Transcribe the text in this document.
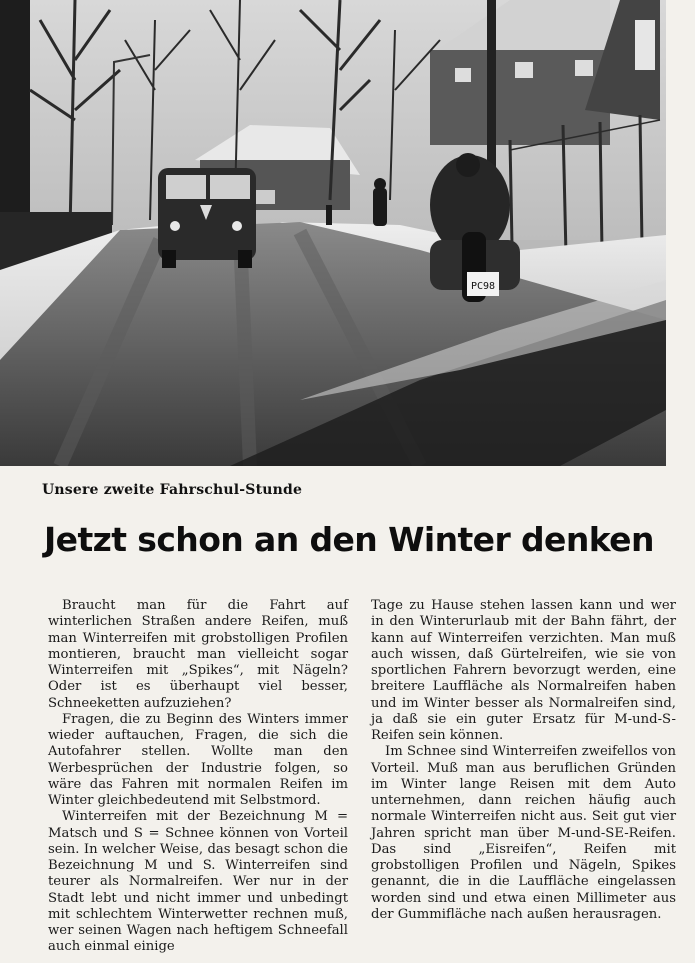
PC98
Unsere zweite Fahrschul-Stunde
Jetzt schon an den Winter denken

Braucht man für die Fahrt auf winterlichen Straßen andere Reifen, muß man Winterreifen mit grobstolligen Profilen montieren, braucht man vielleicht sogar Winterreifen mit „Spikes“, mit Nägeln? Oder ist es überhaupt viel besser, Schneeketten aufzuziehen?

Fragen, die zu Beginn des Winters immer wieder auftauchen, Fragen, die sich die Autofahrer stellen. Wollte man den Werbesprüchen der Industrie folgen, so wäre das Fahren mit normalen Reifen im Winter gleichbedeutend mit Selbstmord.

Winterreifen mit der Bezeichnung M = Matsch und S = Schnee können von Vorteil sein. In welcher Weise, das besagt schon die Bezeichnung M und S. Winterreifen sind teurer als Normalreifen. Wer nur in der Stadt lebt und nicht immer und unbedingt mit schlechtem Winterwetter rechnen muß, wer seinen Wagen nach heftigem Schneefall auch einmal einige

Tage zu Hause stehen lassen kann und wer in den Winterurlaub mit der Bahn fährt, der kann auf Winterreifen verzichten. Man muß auch wissen, daß Gürtelreifen, wie sie von sportlichen Fahrern bevorzugt werden, eine breitere Lauffläche als Normalreifen haben und im Winter besser als Normalreifen sind, ja daß sie ein guter Ersatz für M-und-S-Reifen sein können.

Im Schnee sind Winterreifen zweifellos von Vorteil. Muß man aus beruflichen Gründen im Winter lange Reisen mit dem Auto unternehmen, dann reichen häufig auch normale Winterreifen nicht aus. Seit gut vier Jahren spricht man über M-und-SE-Reifen. Das sind „Eisreifen“, Reifen mit grobstolligen Profilen und Nägeln, Spikes genannt, die in die Lauffläche eingelassen worden sind und etwa einen Millimeter aus der Gummifläche nach außen herausragen.
